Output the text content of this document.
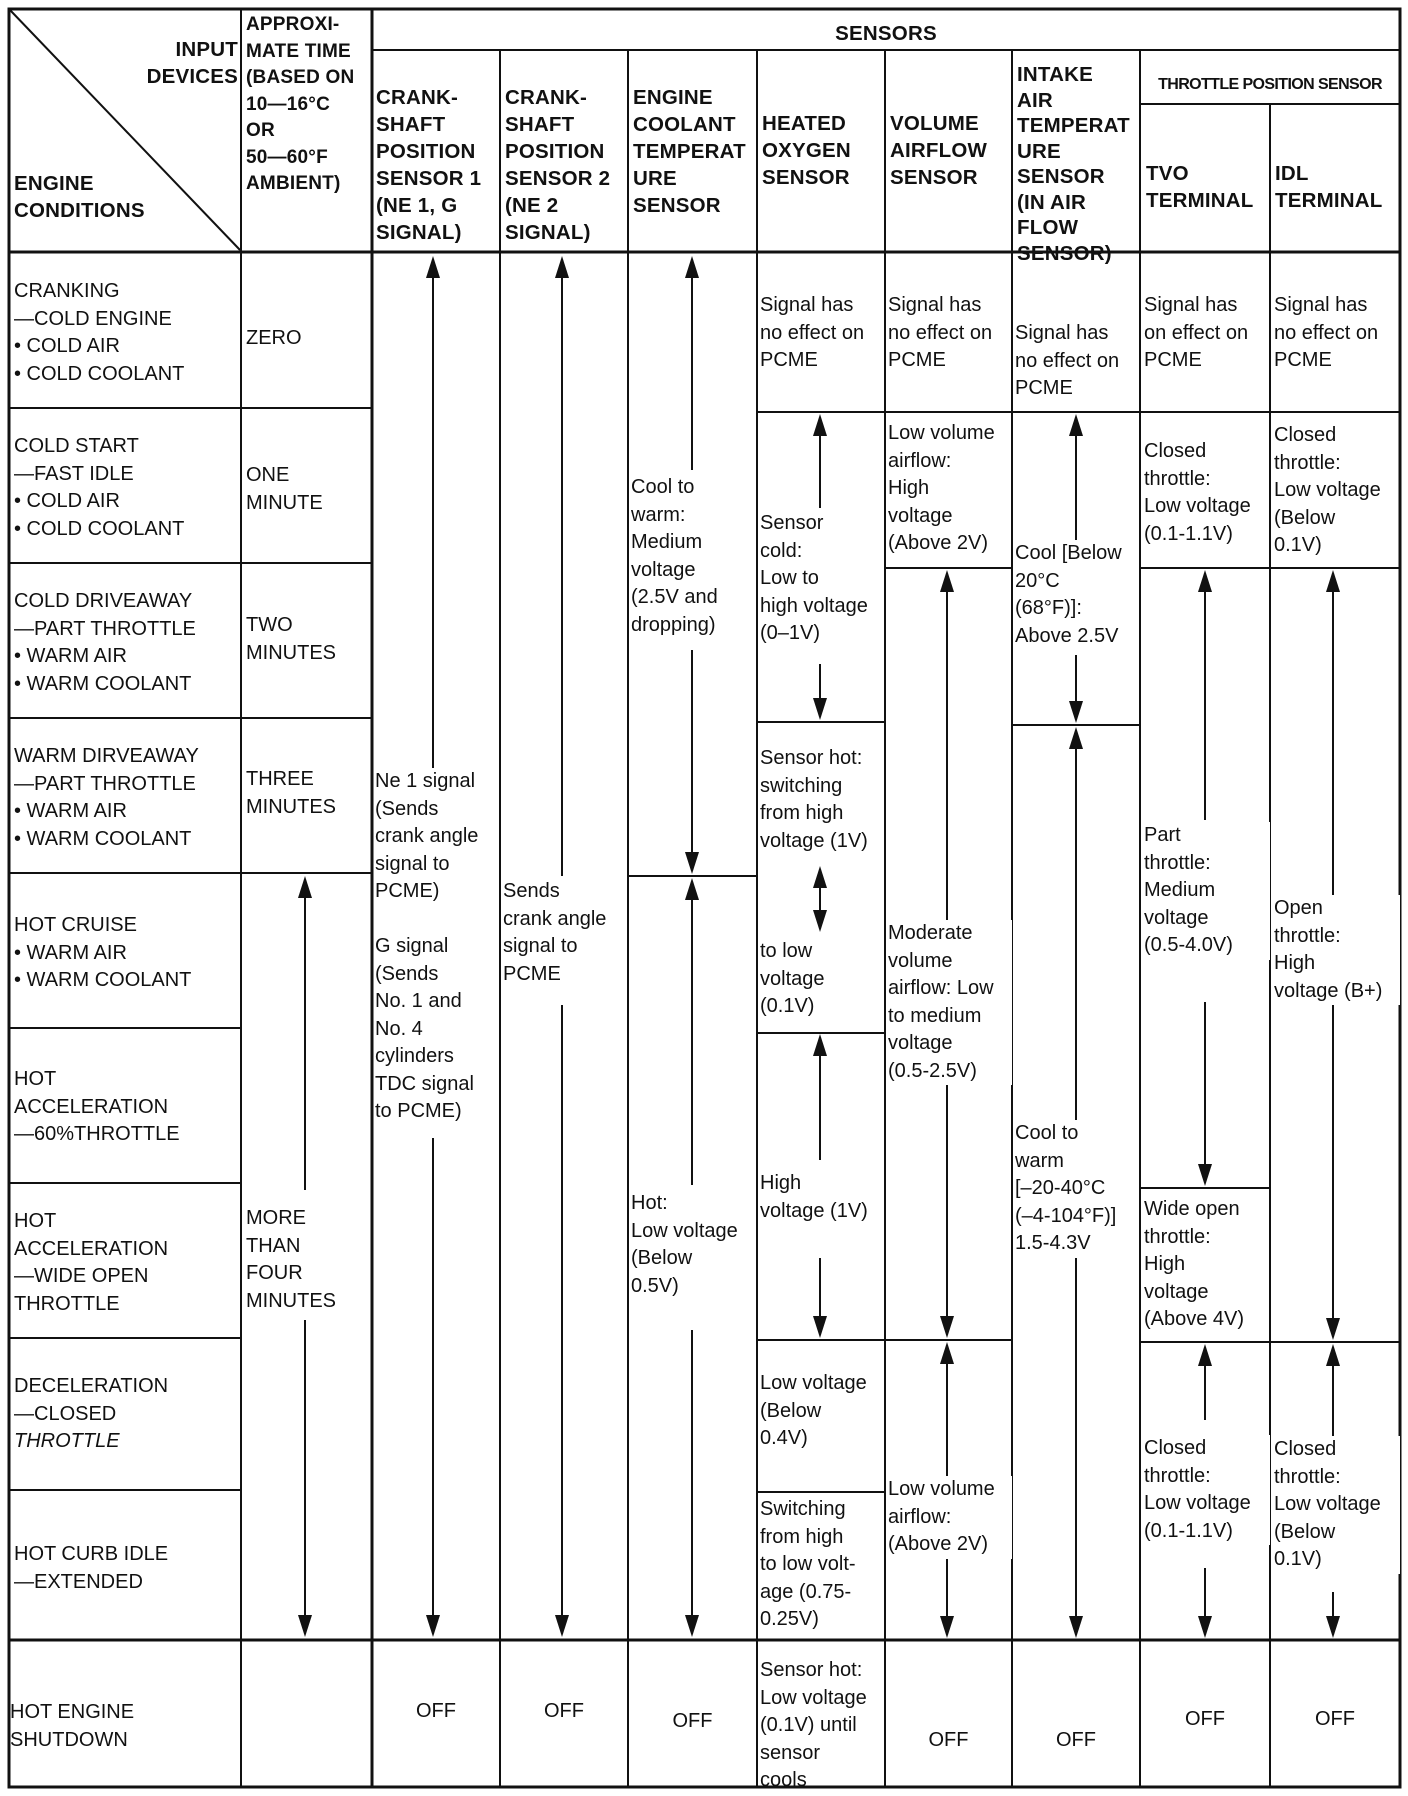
INPUT
DEVICES
ENGINE
CONDITIONS
APPROXI-
MATE TIME
(BASED ON
10—16°C
OR
50—60°F
AMBIENT)
SENSORS
CRANK-
SHAFT
POSITION
SENSOR 1
(NE 1, G
SIGNAL)
CRANK-
SHAFT
POSITION
SENSOR 2
(NE 2
SIGNAL)
ENGINE
COOLANT
TEMPERAT
URE
SENSOR
HEATED
OXYGEN
SENSOR
VOLUME
AIRFLOW
SENSOR
INTAKE
AIR
TEMPERAT
URE
SENSOR
(IN AIR
FLOW
SENSOR)
THROTTLE POSITION SENSOR
TVO
TERMINAL
IDL
TERMINAL
CRANKING
—COLD ENGINE
• COLD AIR
• COLD COOLANT
COLD START
—FAST IDLE
• COLD AIR
• COLD COOLANT
COLD DRIVEAWAY
—PART THROTTLE
• WARM AIR
• WARM COOLANT
WARM DIRVEAWAY
—PART THROTTLE
• WARM AIR
• WARM COOLANT
HOT CRUISE
• WARM AIR
• WARM COOLANT
HOT
ACCELERATION
—60%THROTTLE
HOT
ACCELERATION
—WIDE OPEN
THROTTLE
DECELERATION
—CLOSED
THROTTLE
HOT CURB IDLE
—EXTENDED
HOT ENGINE
SHUTDOWN
ZERO
ONE
MINUTE
TWO
MINUTES
THREE
MINUTES
MORE
THAN
FOUR
MINUTES
Ne 1 signal
(Sends
crank angle
signal to
PCME)

G signal
(Sends
No. 1 and
No. 4
cylinders
TDC signal
to PCME)
OFF
Sends
crank angle
signal to
PCME
OFF
Cool to
warm:
Medium
voltage
(2.5V and
dropping)
Hot:
Low voltage
(Below
0.5V)
OFF
Signal has
no effect on
PCME
Sensor
cold:
Low to
high voltage
(0–1V)
Sensor hot:
switching
from high
voltage (1V)
to low
voltage
(0.1V)
High
voltage (1V)
Low voltage
(Below
0.4V)
Switching
from high
to low volt-
age (0.75-
0.25V)
Sensor hot:
Low voltage
(0.1V) until
sensor
cools
Signal has
no effect on
PCME
Low volume
airflow:
High
voltage
(Above 2V)
Moderate
volume
airflow: Low
to medium
voltage
(0.5-2.5V)
Low volume
airflow:
(Above 2V)
OFF
Signal has
no effect on
PCME
Cool [Below
20°C
(68°F)]:
Above 2.5V
Cool to
warm
[–20-40°C
(–4-104°F)]
1.5-4.3V
OFF
Signal has
on effect on
PCME
Closed
throttle:
Low voltage
(0.1-1.1V)
Part
throttle:
Medium
voltage
(0.5-4.0V)
Wide open
throttle:
High
voltage
(Above 4V)
Closed
throttle:
Low voltage
(0.1-1.1V)
OFF
Signal has
no effect on
PCME
Closed
throttle:
Low voltage
(Below
0.1V)
Open
throttle:
High
voltage (B+)
Closed
throttle:
Low voltage
(Below
0.1V)
OFF
